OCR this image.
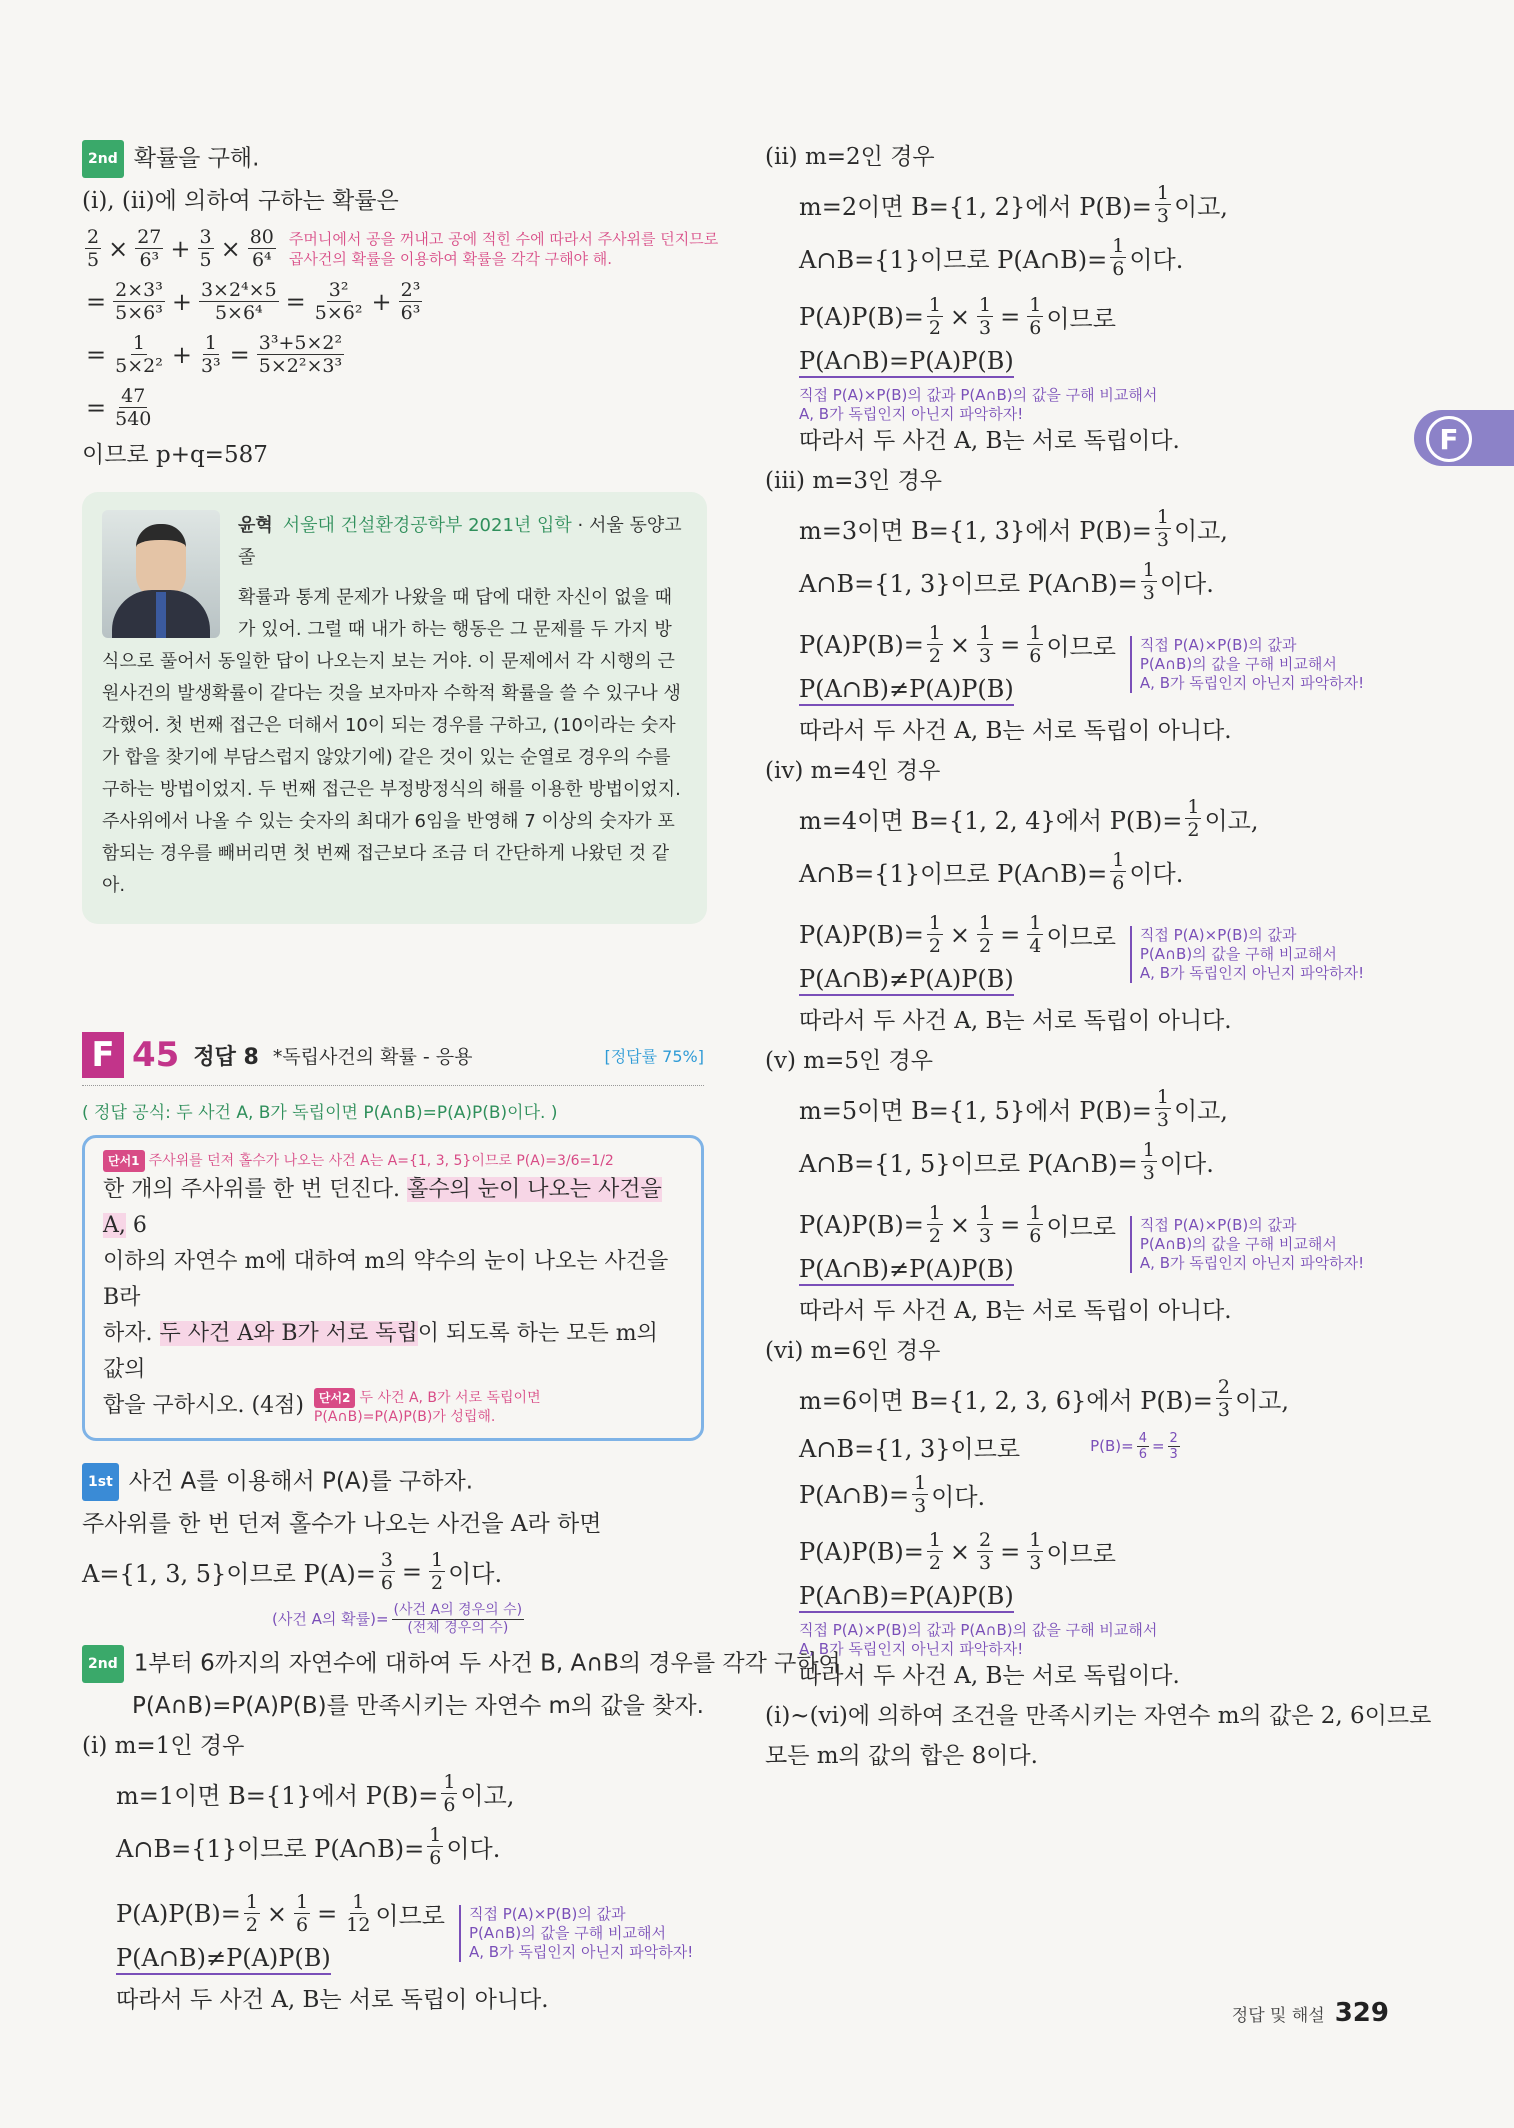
2nd 확률을 구해.
(i), (ii)에 의하여 구하는 확률은
$\frac{2}{5} \times \frac{27}{\text{6³}} + \frac{3}{5} \times \frac{80}{\text{6⁴}}$ 주머니에서 공을 꺼내고 공에 적힌 수에 따라서 주사위를 던지므로
곱사건의 확률을 이용하여 확률을 각각 구해야 해.
= $\frac{\text{2×3³}}{\text{5×6³}} + \frac{\text{3×2⁴×5}}{\text{5×6⁴}} = \frac{\text{3²}}{\text{5×6²}} + \frac{\text{2³}}{\text{6³}}$
= $\frac{1}{\text{5×2²}} + \frac{1}{\text{3³}} = \frac{\text{3³+5×2²}}{\text{5×2²×3³}}$
= $\frac{47}{540}$
이므로 p+q=587
윤혁 서울대 건설환경공학부 2021년 입학 · 서울 동양고 졸
확률과 통계 문제가 나왔을 때 답에 대한 자신이 없을 때가 있어. 그럴 때 내가 하는 행동은 그 문제를 두 가지 방식으로 풀어서 동일한 답이 나오는지 보는 거야. 이 문제에서 각 시행의 근원사건의 발생확률이 같다는 것을 보자마자 수학적 확률을 쓸 수 있구나 생각했어. 첫 번째 접근은 더해서 10이 되는 경우를 구하고, (10이라는 숫자가 합을 찾기에 부담스럽지 않았기에) 같은 것이 있는 순열로 경우의 수를 구하는 방법이었지. 두 번째 접근은 부정방정식의 해를 이용한 방법이었지. 주사위에서 나올 수 있는 숫자의 최대가 6임을 반영해 7 이상의 숫자가 포함되는 경우를 빼버리면 첫 번째 접근보다 조금 더 간단하게 나왔던 것 같아.
F 45 정답 8 *독립사건의 확률 - 응용	[정답률 75%]
( 정답 공식: 두 사건 A, B가 독립이면 P(A∩B)=P(A)P(B)이다. )
단서1 주사위를 던져 홀수가 나오는 사건 A는 A={1, 3, 5}이므로 P(A)=3/6=1/2
한 개의 주사위를 한 번 던진다. 홀수의 눈이 나오는 사건을 A, 6
이하의 자연수 m에 대하여 m의 약수의 눈이 나오는 사건을 B라
하자. 두 사건 A와 B가 서로 독립이 되도록 하는 모든 m의 값의
합을 구하시오. (4점)	단서2 두 사건 A, B가 서로 독립이면
P(A∩B)=P(A)P(B)가 성립해.
1st 사건 A를 이용해서 P(A)를 구하자.
주사위를 한 번 던져 홀수가 나오는 사건을 A라 하면
A={1, 3, 5}이므로 $P(A)= \frac{3}{6} = \frac{1}{2}$ 이다.
(사건 A의 확률)= $\frac{\text{(사건 A의 경우의 수)}}{\text{(전체 경우의 수)}}$
2nd 1부터 6까지의 자연수에 대하여 두 사건 B, A∩B의 경우를 각각 구하여
P(A∩B)=P(A)P(B)를 만족시키는 자연수 m의 값을 찾자.
(i) m=1인 경우
m=1이면 B={1}에서 $P(B)= \frac{1}{6}$ 이고,
A∩B={1}이므로 P(A∩B)= $\frac{1}{6}$ 이다.
$P(A)P(B)= \frac{1}{2} \times \frac{1}{6} = \frac{1}{12}$ 이므로
P(A∩B)≠P(A)P(B)
직접 P(A)×P(B)의 값과
P(A∩B)의 값을 구해 비교해서
A, B가 독립인지 아닌지 파악하자!
따라서 두 사건 A, B는 서로 독립이 아니다.
(ii) m=2인 경우
m=2이면 B={1, 2}에서 $P(B)= \frac{1}{3}$ 이고,
A∩B={1}이므로 P(A∩B)= $\frac{1}{6}$ 이다.
$P(A)P(B)= \frac{1}{2} \times \frac{1}{3} = \frac{1}{6}$ 이므로
P(A∩B)=P(A)P(B)
직접 P(A)×P(B)의 값과 P(A∩B)의 값을 구해 비교해서
A, B가 독립인지 아닌지 파악하자!
따라서 두 사건 A, B는 서로 독립이다.
(iii) m=3인 경우
m=3이면 B={1, 3}에서 $P(B)= \frac{1}{3}$ 이고,
A∩B={1, 3}이므로 P(A∩B)= $\frac{1}{3}$ 이다.
$P(A)P(B)= \frac{1}{2} \times \frac{1}{3} = \frac{1}{6}$ 이므로
P(A∩B)≠P(A)P(B)
직접 P(A)×P(B)의 값과
P(A∩B)의 값을 구해 비교해서
A, B가 독립인지 아닌지 파악하자!
따라서 두 사건 A, B는 서로 독립이 아니다.
(iv) m=4인 경우
m=4이면 B={1, 2, 4}에서 $P(B)= \frac{1}{2}$ 이고,
A∩B={1}이므로 P(A∩B)= $\frac{1}{6}$ 이다.
$P(A)P(B)= \frac{1}{2} \times \frac{1}{2} = \frac{1}{4}$ 이므로
P(A∩B)≠P(A)P(B)
직접 P(A)×P(B)의 값과
P(A∩B)의 값을 구해 비교해서
A, B가 독립인지 아닌지 파악하자!
따라서 두 사건 A, B는 서로 독립이 아니다.
(v) m=5인 경우
m=5이면 B={1, 5}에서 $P(B)= \frac{1}{3}$ 이고,
A∩B={1, 5}이므로 P(A∩B)= $\frac{1}{3}$ 이다.
$P(A)P(B)= \frac{1}{2} \times \frac{1}{3} = \frac{1}{6}$ 이므로
P(A∩B)≠P(A)P(B)
직접 P(A)×P(B)의 값과
P(A∩B)의 값을 구해 비교해서
A, B가 독립인지 아닌지 파악하자!
따라서 두 사건 A, B는 서로 독립이 아니다.
(vi) m=6인 경우
m=6이면 B={1, 2, 3, 6}에서 $P(B)= \frac{2}{3}$ 이고,
A∩B={1, 3}이므로	$P(B)= \frac{4}{6} = \frac{2}{3}$
P(A∩B)= $\frac{1}{3}$ 이다.
$P(A)P(B)= \frac{1}{2} \times \frac{2}{3} = \frac{1}{3}$ 이므로
P(A∩B)=P(A)P(B)
직접 P(A)×P(B)의 값과 P(A∩B)의 값을 구해 비교해서
A, B가 독립인지 아닌지 파악하자!
따라서 두 사건 A, B는 서로 독립이다.
(i)~(vi)에 의하여 조건을 만족시키는 자연수 m의 값은 2, 6이므로
모든 m의 값의 합은 8이다.
F
정답 및 해설 329
